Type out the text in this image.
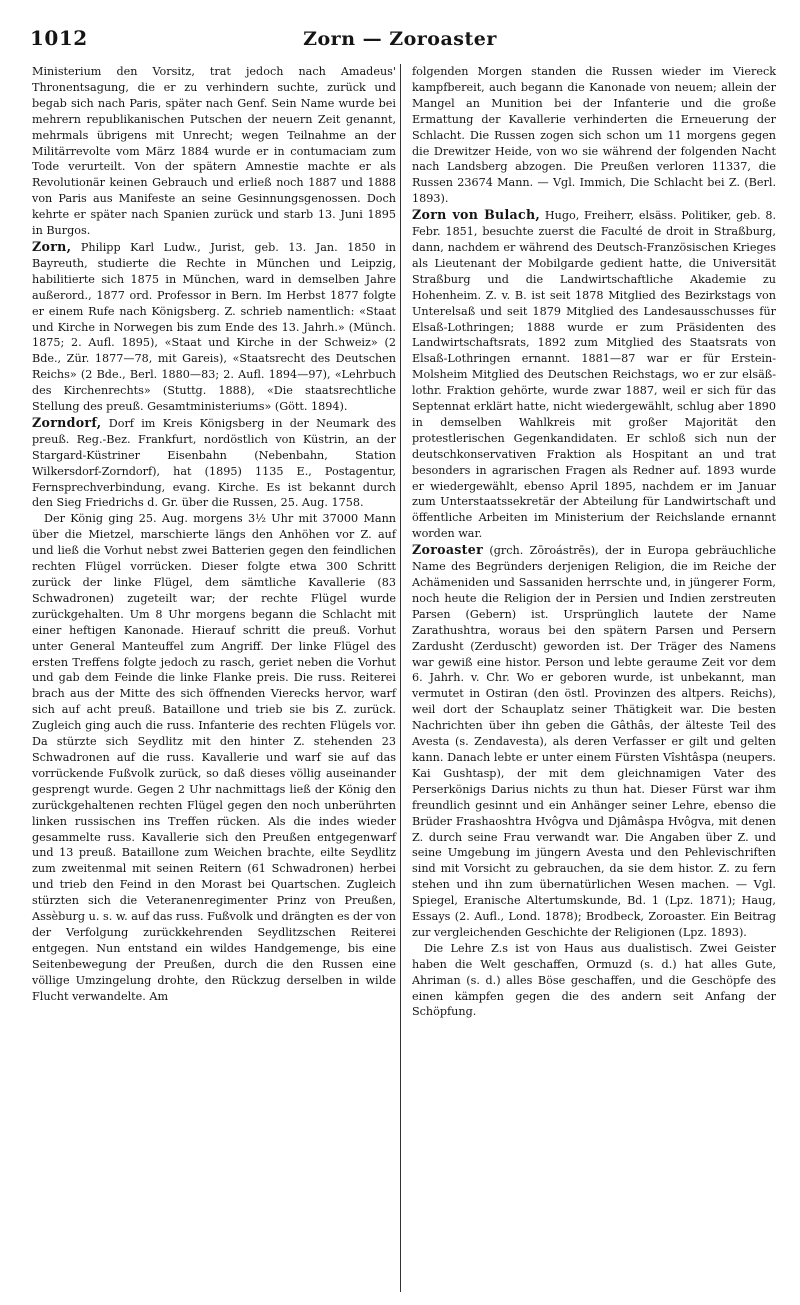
1012	Zorn — Zoroaster

Ministerium den Vorsitz, trat jedoch nach Amadeus' Thronentsagung, die er zu verhindern suchte, zurück und begab sich nach Paris, später nach Genf. Sein Name wurde bei mehrern republikanischen Putschen der neuern Zeit genannt, mehrmals übrigens mit Unrecht; wegen Teilnahme an der Militärrevolte vom März 1884 wurde er in contumaciam zum Tode verurteilt. Von der spätern Amnestie machte er als Revolutionär keinen Gebrauch und erließ noch 1887 und 1888 von Paris aus Manifeste an seine Gesinnungsgenossen. Doch kehrte er später nach Spanien zurück und starb 13. Juni 1895 in Burgos.

Zorn, Philipp Karl Ludw., Jurist, geb. 13. Jan. 1850 in Bayreuth, studierte die Rechte in München und Leipzig, habilitierte sich 1875 in München, ward in demselben Jahre außerord., 1877 ord. Professor in Bern. Im Herbst 1877 folgte er einem Rufe nach Königsberg. Z. schrieb namentlich: «Staat und Kirche in Norwegen bis zum Ende des 13. Jahrh.» (Münch. 1875; 2. Aufl. 1895), «Staat und Kirche in der Schweiz» (2 Bde., Zür. 1877—78, mit Gareis), «Staatsrecht des Deutschen Reichs» (2 Bde., Berl. 1880—83; 2. Aufl. 1894—97), «Lehrbuch des Kirchenrechts» (Stuttg. 1888), «Die staatsrechtliche Stellung des preuß. Gesamtministeriums» (Gött. 1894).

Zorndorf, Dorf im Kreis Königsberg in der Neumark des preuß. Reg.-Bez. Frankfurt, nordöstlich von Küstrin, an der Stargard-Küstriner Eisenbahn (Nebenbahn, Station Wilkersdorf-Zorndorf), hat (1895) 1135 E., Postagentur, Fernsprechverbindung, evang. Kirche. Es ist bekannt durch den Sieg Friedrichs d. Gr. über die Russen, 25. Aug. 1758.

Der König ging 25. Aug. morgens 3½ Uhr mit 37000 Mann über die Mietzel, marschierte längs den Anhöhen vor Z. auf und ließ die Vorhut nebst zwei Batterien gegen den feindlichen rechten Flügel vorrücken. Dieser folgte etwa 300 Schritt zurück der linke Flügel, dem sämtliche Kavallerie (83 Schwadronen) zugeteilt war; der rechte Flügel wurde zurückgehalten. Um 8 Uhr morgens begann die Schlacht mit einer heftigen Kanonade. Hierauf schritt die preuß. Vorhut unter General Manteuffel zum Angriff. Der linke Flügel des ersten Treffens folgte jedoch zu rasch, geriet neben die Vorhut und gab dem Feinde die linke Flanke preis. Die russ. Reiterei brach aus der Mitte des sich öffnenden Vierecks hervor, warf sich auf acht preuß. Bataillone und trieb sie bis Z. zurück. Zugleich ging auch die russ. Infanterie des rechten Flügels vor. Da stürzte sich Seydlitz mit den hinter Z. stehenden 23 Schwadronen auf die russ. Kavallerie und warf sie auf das vorrückende Fußvolk zurück, so daß dieses völlig auseinander gesprengt wurde. Gegen 2 Uhr nachmittags ließ der König den zurückgehaltenen rechten Flügel gegen den noch unberührten linken russischen ins Treffen rücken. Als die indes wieder gesammelte russ. Kavallerie sich den Preußen entgegenwarf und 13 preuß. Bataillone zum Weichen brachte, eilte Seydlitz zum zweitenmal mit seinen Reitern (61 Schwadronen) herbei und trieb den Feind in den Morast bei Quartschen. Zugleich stürzten sich die Veteranenregimenter Prinz von Preußen, Assèburg u. s. w. auf das russ. Fußvolk und drängten es der von der Verfolgung zurückkehrenden Seydlitzschen Reiterei entgegen. Nun entstand ein wildes Handgemenge, bis eine Seitenbewegung der Preußen, durch die den Russen eine völlige Umzingelung drohte, den Rückzug derselben in wilde Flucht verwandelte. Am

folgenden Morgen standen die Russen wieder im Viereck kampfbereit, auch begann die Kanonade von neuem; allein der Mangel an Munition bei der Infanterie und die große Ermattung der Kavallerie verhinderten die Erneuerung der Schlacht. Die Russen zogen sich schon um 11 morgens gegen die Drewitzer Heide, von wo sie während der folgenden Nacht nach Landsberg abzogen. Die Preußen verloren 11337, die Russen 23674 Mann. — Vgl. Immich, Die Schlacht bei Z. (Berl. 1893).

Zorn von Bulach, Hugo, Freiherr, elsäss. Politiker, geb. 8. Febr. 1851, besuchte zuerst die Faculté de droit in Straßburg, dann, nachdem er während des Deutsch-Französischen Krieges als Lieutenant der Mobilgarde gedient hatte, die Universität Straßburg und die Landwirtschaftliche Akademie zu Hohenheim. Z. v. B. ist seit 1878 Mitglied des Bezirkstags von Unterelsaß und seit 1879 Mitglied des Landesausschusses für Elsaß-Lothringen; 1888 wurde er zum Präsidenten des Landwirtschaftsrats, 1892 zum Mitglied des Staatsrats von Elsaß-Lothringen ernannt. 1881—87 war er für Erstein-Molsheim Mitglied des Deutschen Reichstags, wo er zur elsäß-lothr. Fraktion gehörte, wurde zwar 1887, weil er sich für das Septennat erklärt hatte, nicht wiedergewählt, schlug aber 1890 in demselben Wahlkreis mit großer Majorität den protestlerischen Gegenkandidaten. Er schloß sich nun der deutschkonservativen Fraktion als Hospitant an und trat besonders in agrarischen Fragen als Redner auf. 1893 wurde er wiedergewählt, ebenso April 1895, nachdem er im Januar zum Unterstaatssekretär der Abteilung für Landwirtschaft und öffentliche Arbeiten im Ministerium der Reichslande ernannt worden war.

Zoroaster (grch. Zōroástrēs), der in Europa gebräuchliche Name des Begründers derjenigen Religion, die im Reiche der Achämeniden und Sassaniden herrschte und, in jüngerer Form, noch heute die Religion der in Persien und Indien zerstreuten Parsen (Gebern) ist. Ursprünglich lautete der Name Zarathushtra, woraus bei den spätern Parsen und Persern Zardusht (Zerduscht) geworden ist. Der Träger des Namens war gewiß eine histor. Person und lebte geraume Zeit vor dem 6. Jahrh. v. Chr. Wo er geboren wurde, ist unbekannt, man vermutet in Ostiran (den östl. Provinzen des altpers. Reichs), weil dort der Schauplatz seiner Thätigkeit war. Die besten Nachrichten über ihn geben die Gâthâs, der älteste Teil des Avesta (s. Zendavesta), als deren Verfasser er gilt und gelten kann. Danach lebte er unter einem Fürsten Vîshtâspa (neupers. Kai Gushtasp), der mit dem gleichnamigen Vater des Perserkönigs Darius nichts zu thun hat. Dieser Fürst war ihm freundlich gesinnt und ein Anhänger seiner Lehre, ebenso die Brüder Frashaoshtra Hvôgva und Djâmâspa Hvôgva, mit denen Z. durch seine Frau verwandt war. Die Angaben über Z. und seine Umgebung im jüngern Avesta und den Pehlevischriften sind mit Vorsicht zu gebrauchen, da sie dem histor. Z. zu fern stehen und ihn zum übernatürlichen Wesen machen. — Vgl. Spiegel, Eranische Altertumskunde, Bd. 1 (Lpz. 1871); Haug, Essays (2. Aufl., Lond. 1878); Brodbeck, Zoroaster. Ein Beitrag zur vergleichenden Geschichte der Religionen (Lpz. 1893).

Die Lehre Z.s ist von Haus aus dualistisch. Zwei Geister haben die Welt geschaffen, Ormuzd (s. d.) hat alles Gute, Ahriman (s. d.) alles Böse geschaffen, und die Geschöpfe des einen kämpfen gegen die des andern seit Anfang der Schöpfung.
